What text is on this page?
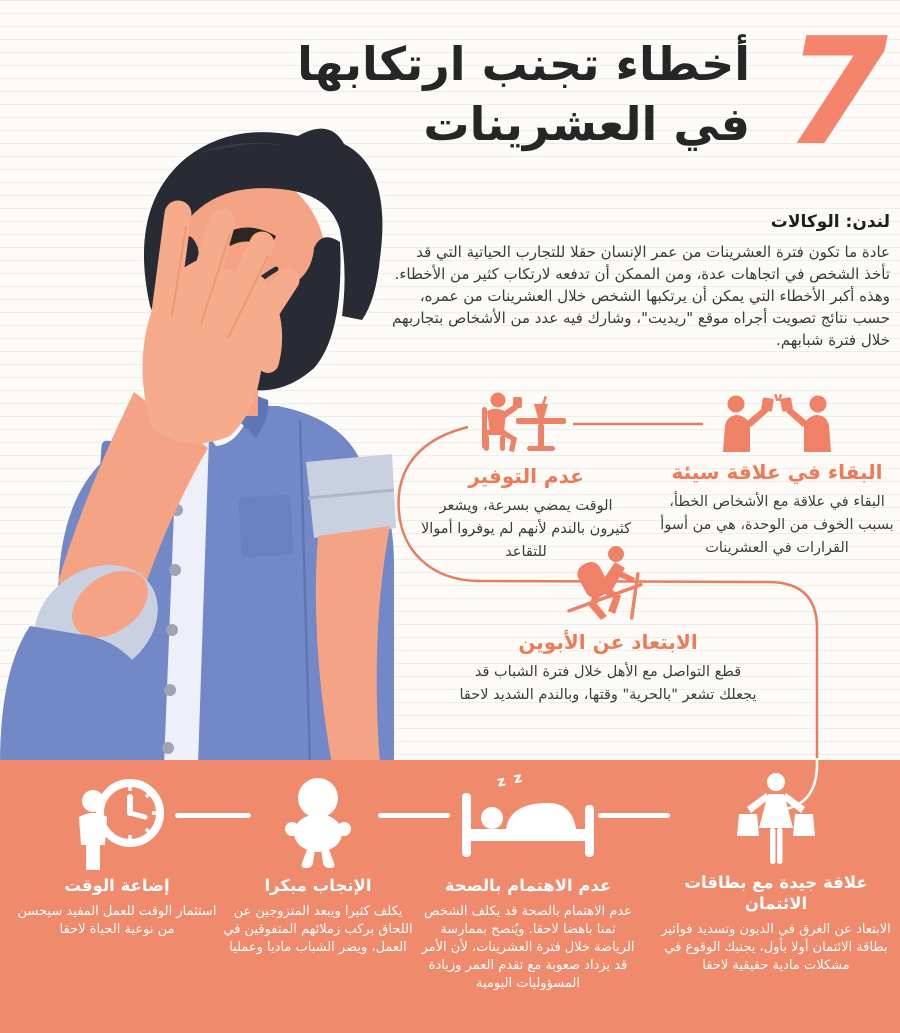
7
أخطاء تجنب ارتكابها
في العشرينات
لندن: الوكالات
عادة ما تكون فترة العشرينات من عمر الإنسان حقلا للتجارب الحياتية التي قد تأخذ الشخص في اتجاهات عدة، ومن الممكن أن تدفعه لارتكاب كثير من الأخطاء. وهذه أكبر الأخطاء التي يمكن أن يرتكبها الشخص خلال العشرينات من عمره، حسب نتائج تصويت أجراه موقع "ريديت"، وشارك فيه عدد من الأشخاص بتجاربهم خلال فترة شبابهم.
عدم التوفير

الوقت يمضي بسرعة، ويشعر كثيرون بالندم لأنهم لم يوفروا أموالا للتقاعد

البقاء في علاقة سيئة

البقاء في علاقة مع الأشخاص الخطأ، بسبب الخوف من الوحدة، هي من أسوأ القرارات في العشرينات

الابتعاد عن الأبوين

قطع التواصل مع الأهل خلال فترة الشباب قد يجعلك تشعر "بالحرية" وقتها، وبالندم الشديد لاحقا

z z
علاقة جيدة مع بطاقات الائتمان

الابتعاد عن الغرق في الديون وتسديد فواتير بطاقة الائتمان أولا بأول، يجنبك الوقوع في مشكلات مادية حقيقية لاحقا

عدم الاهتمام بالصحة

عدم الاهتمام بالصحة قد يكلف الشخص ثمنا باهضا لاحقا. ويُنصح بممارسة الرياضة خلال فترة العشرينات، لأن الأمر قد يزداد صعوبة مع تقدم العمر وزيادة المسؤوليات اليومية

الإنجاب مبكرا

يكلف كثيرا ويبعد المتزوجين عن اللحاق بركب زملائهم المتفوقين في العمل، ويضر الشباب ماديا وعمليا

إضاعة الوقت

استثمار الوقت للعمل المفيد سيحسن من نوعية الحياة لاحقا
